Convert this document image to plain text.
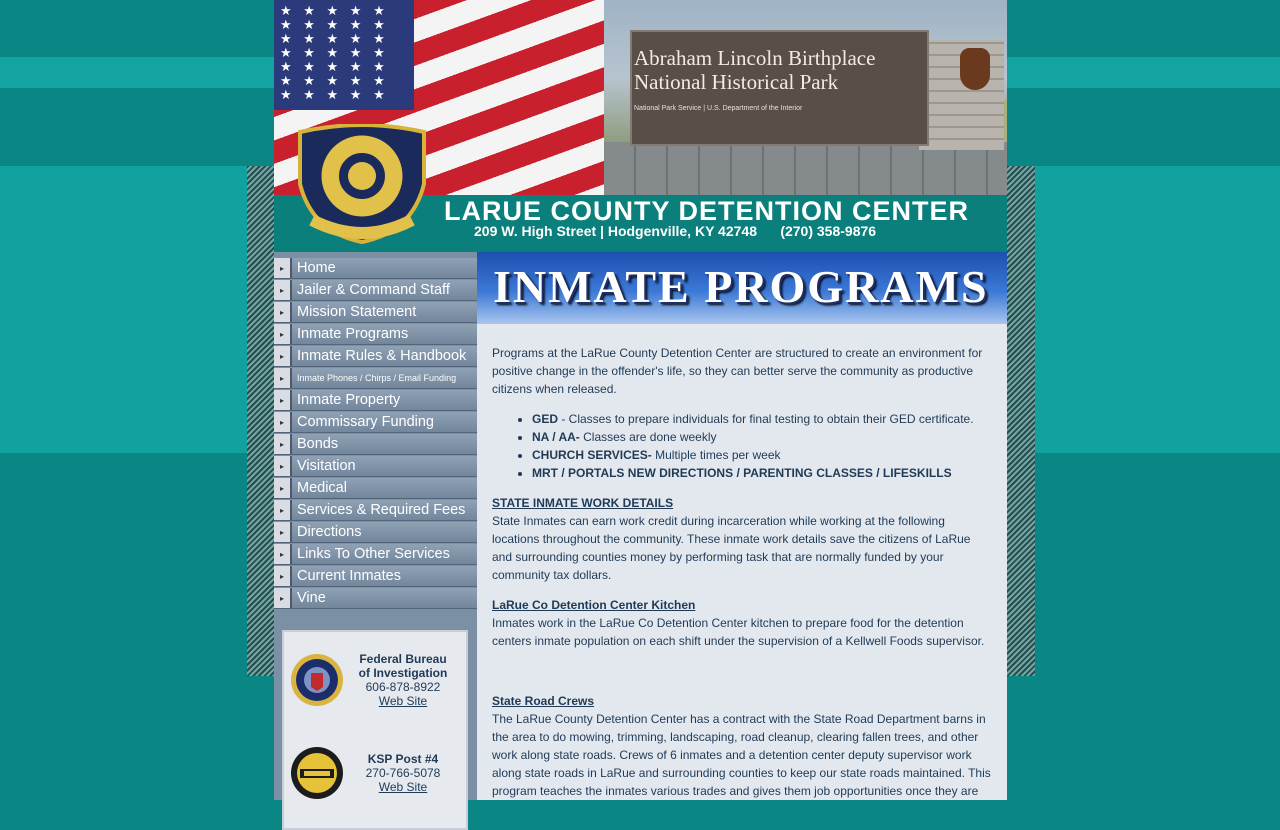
★ ★ ★ ★ ★ ★ ★ ★ ★ ★ ★ ★ ★ ★ ★ ★ ★ ★ ★ ★ ★ ★ ★ ★ ★ ★ ★ ★ ★ ★ ★ ★ ★ ★ ★
Abraham Lincoln Birthplace
National Historical Park
National Park Service | U.S. Department of the Interior
LARUE COUNTY DETENTION CENTER
209 W. High Street | Hodgenville, KY 42748      (270) 358-9876
▸ Home
▸ Jailer & Command Staff
▸ Mission Statement
▸ Inmate Programs
▸ Inmate Rules & Handbook
▸	Inmate Phones / Chirps / Email Funding
▸ Inmate Property
▸ Commissary Funding
▸ Bonds
▸ Visitation
▸ Medical
▸ Services & Required Fees
▸ Directions
▸ Links To Other Services
▸ Current Inmates
▸ Vine
Federal Bureau
of Investigation
606-878-8922
Web Site
KSP Post #4
270-766-5078
Web Site
INMATE PROGRAMS

Programs at the LaRue County Detention Center are structured to create an environment for positive change in the offender's life, so they can better serve the community as productive citizens when released.

• GED - Classes to prepare individuals for final testing to obtain their GED certificate.
• NA / AA- Classes are done weekly
• CHURCH SERVICES- Multiple times per week
• MRT / PORTALS NEW DIRECTIONS / PARENTING CLASSES / LIFESKILLS

STATE INMATE WORK DETAILS
State Inmates can earn work credit during incarceration while working at the following locations throughout the community. These inmate work details save the citizens of LaRue and surrounding counties money by performing task that are normally funded by your community tax dollars.

LaRue Co Detention Center Kitchen
Inmates work in the LaRue Co Detention Center kitchen to prepare food for the detention centers inmate population on each shift under the supervision of a Kellwell Foods supervisor.

State Road Crews
The LaRue County Detention Center has a contract with the State Road Department barns in the area to do mowing, trimming, landscaping, road cleanup, clearing fallen trees, and other work along state roads. Crews of 6 inmates and a detention center deputy supervisor work along state roads in LaRue and surrounding counties to keep our state roads maintained. This program teaches the inmates various trades and gives them job opportunities once they are
